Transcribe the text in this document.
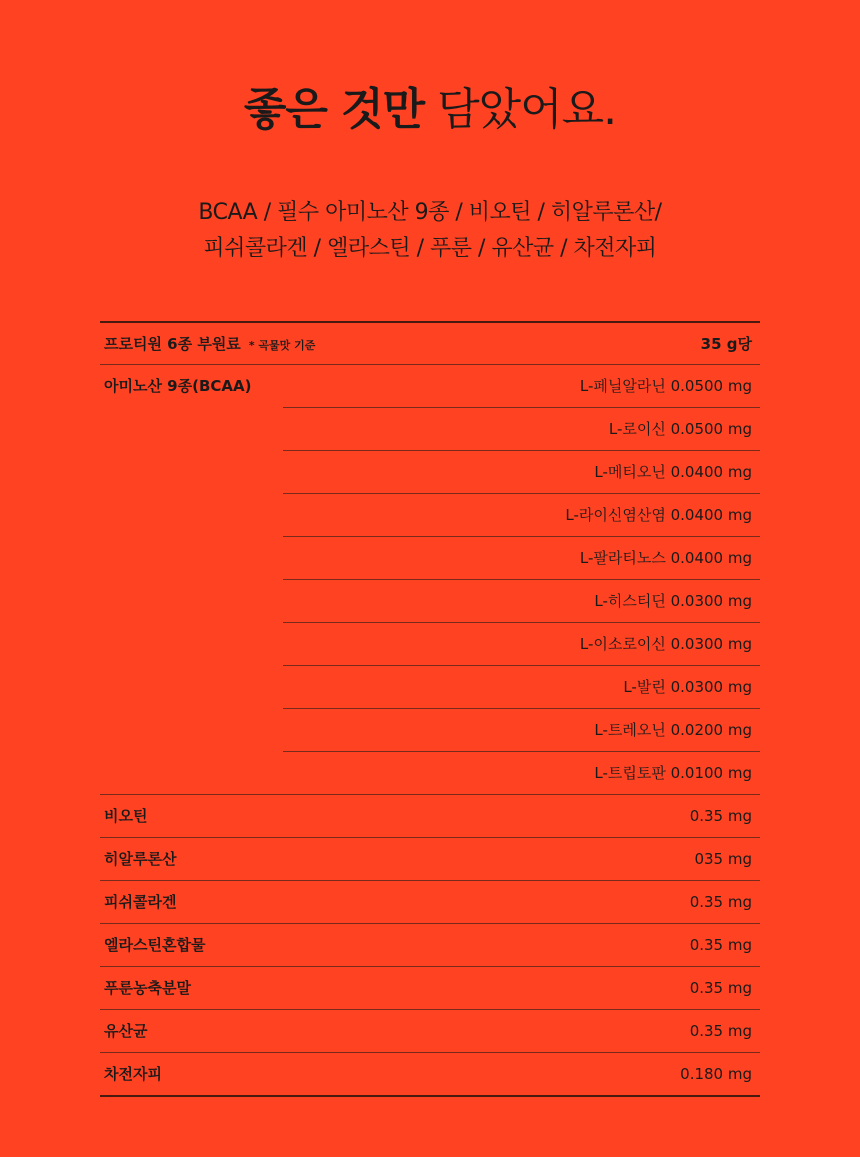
좋은 것만 담았어요.
BCAA / 필수 아미노산 9종 / 비오틴 / 히알루론산/
피쉬콜라겐 / 엘라스틴 / 푸룬 / 유산균 / 차전자피
프로티원 6종 부원료 * 곡물맛 기준	35 g당
아미노산 9종(BCAA)	L-페닐알라닌 0.0500 mg
L-로이신 0.0500 mg
L-메티오닌 0.0400 mg
L-라이신염산염 0.0400 mg
L-팔라티노스 0.0400 mg
L-히스티딘 0.0300 mg
L-이소로이신 0.0300 mg
L-발린 0.0300 mg
L-트레오닌 0.0200 mg
L-트립토판 0.0100 mg
비오틴	0.35 mg
히알루론산	035 mg
피쉬콜라겐	0.35 mg
엘라스틴혼합물	0.35 mg
푸룬농축분말	0.35 mg
유산균	0.35 mg
차전자피	0.180 mg
